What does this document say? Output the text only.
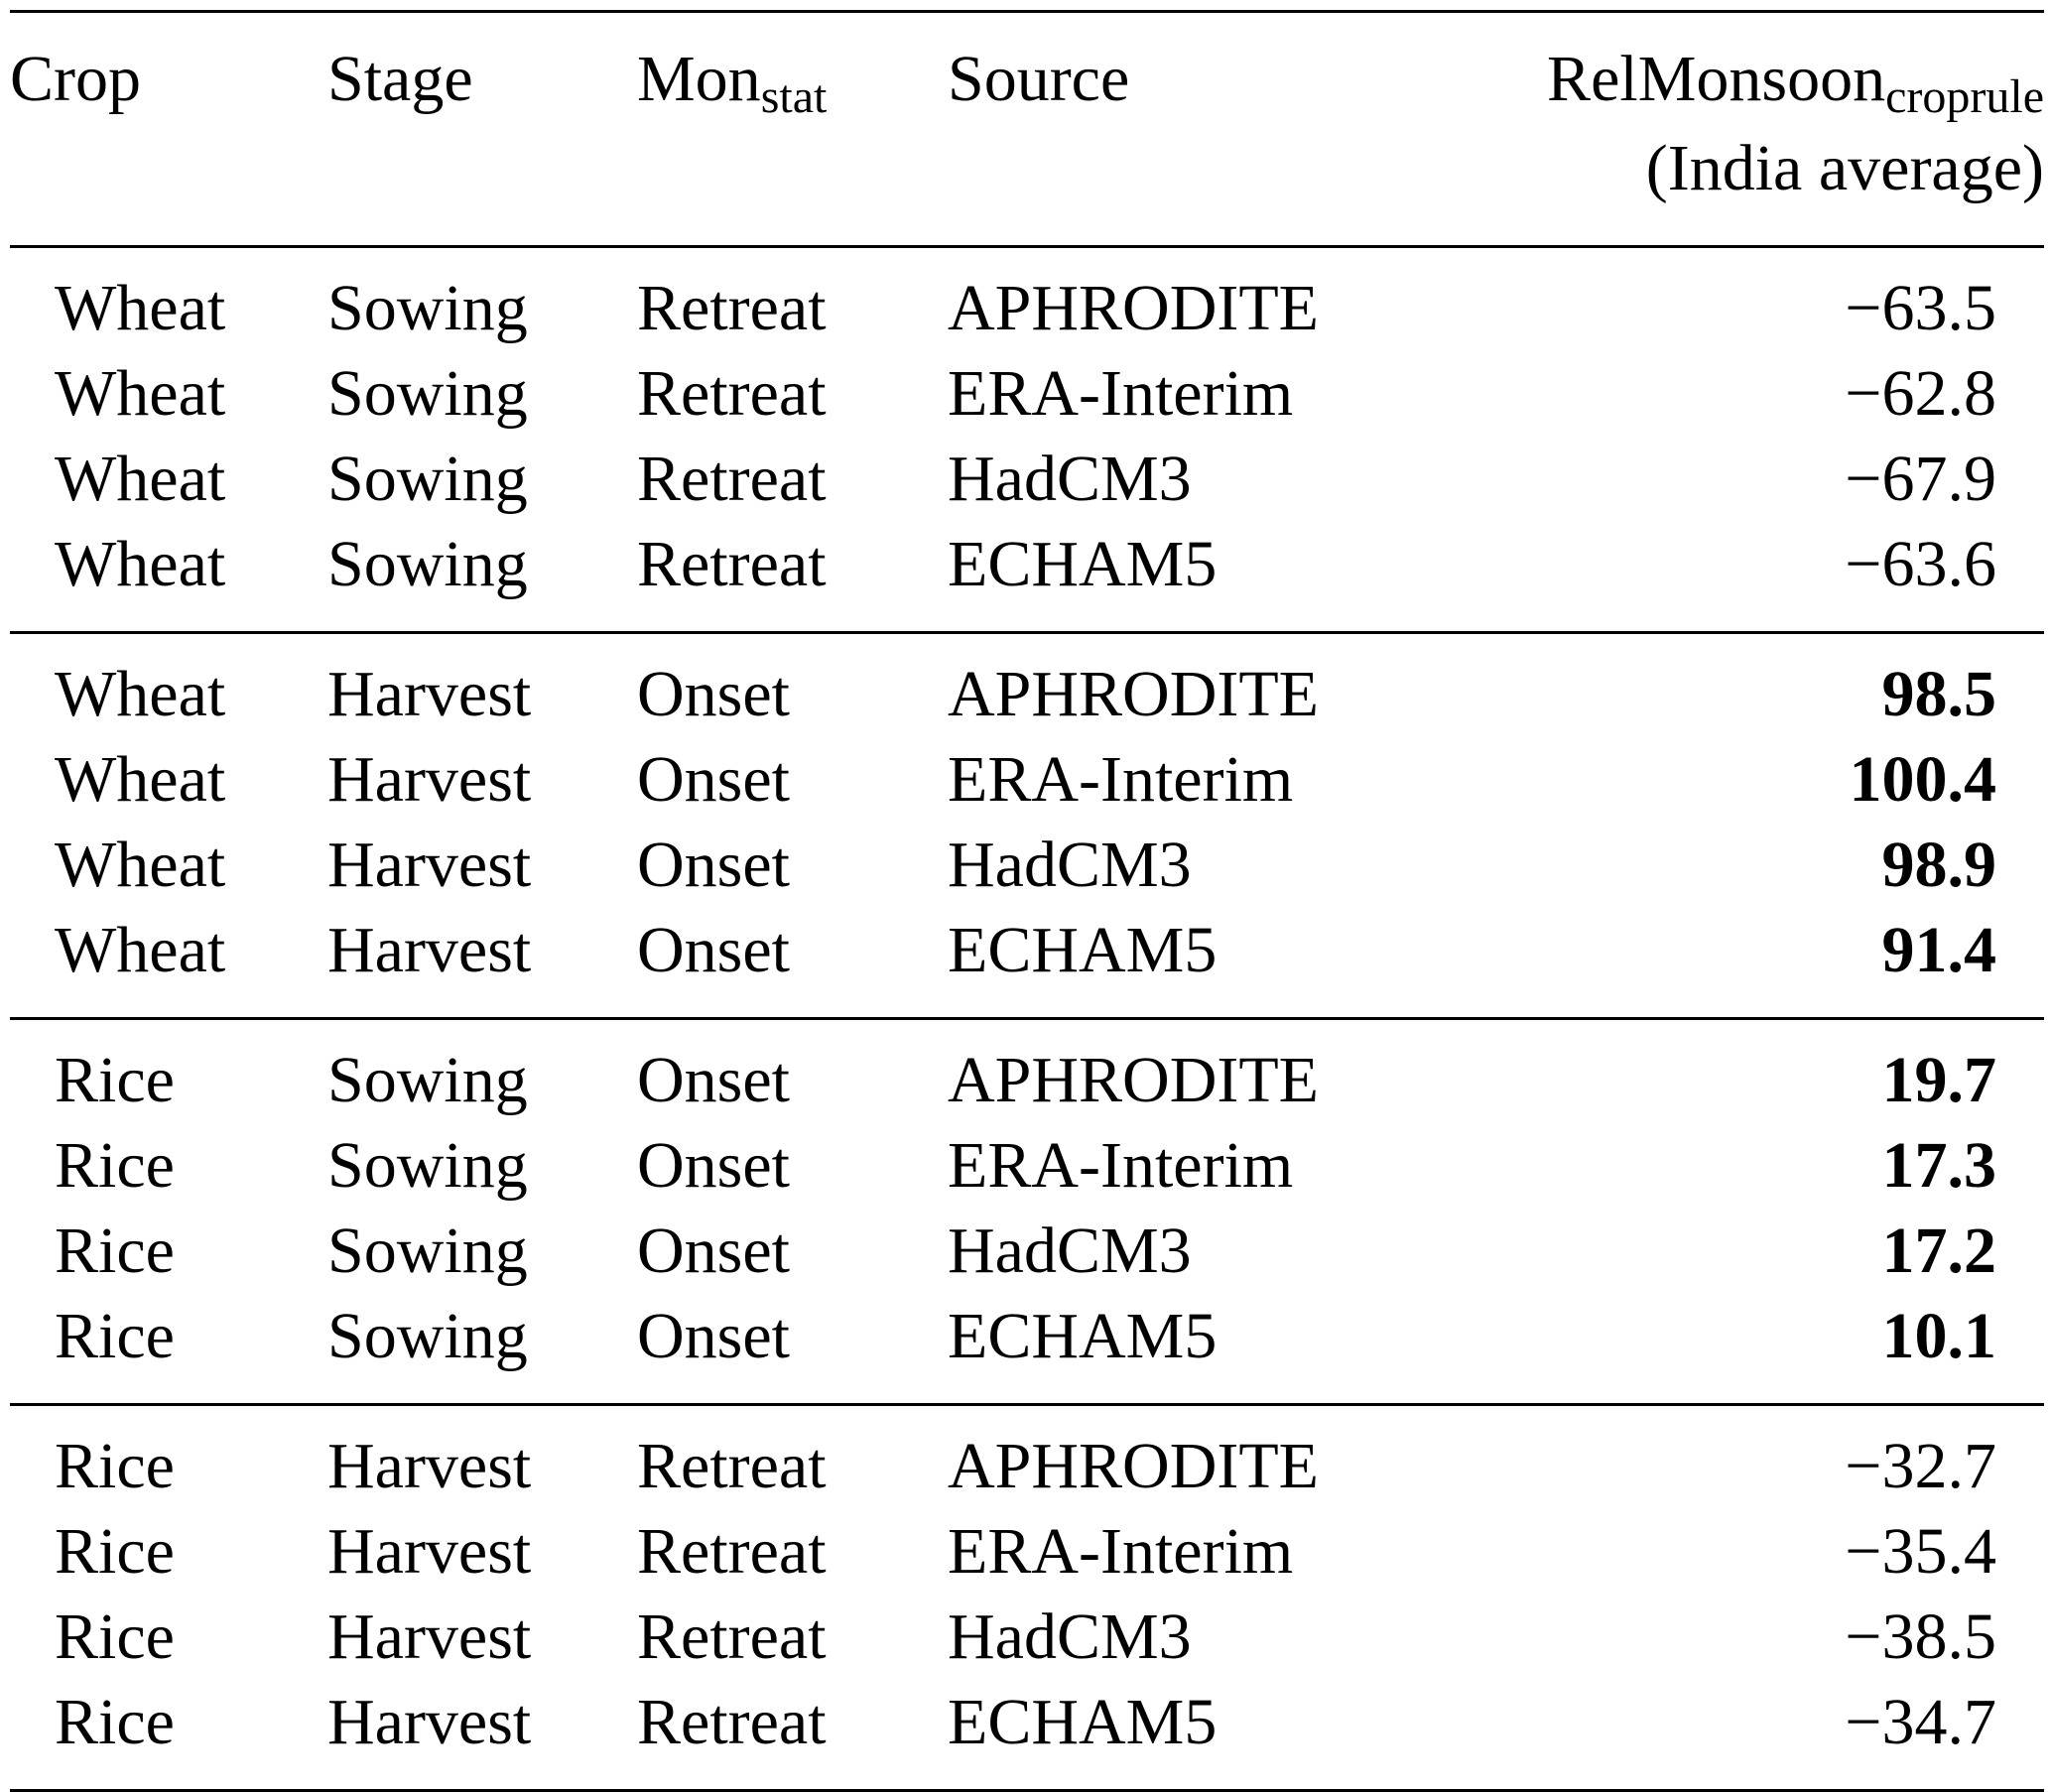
Crop	Stage	Mon$_{stat}$	Source	RelMonsoon$_{croprule}$
(India average)

Wheat	Sowing	Retreat	APHRODITE	−63.5
Wheat	Sowing	Retreat	ERA-Interim	−62.8
Wheat	Sowing	Retreat	HadCM3	−67.9
Wheat	Sowing	Retreat	ECHAM5	−63.6
Wheat	Harvest	Onset	APHRODITE	98.5
Wheat	Harvest	Onset	ERA-Interim	100.4
Wheat	Harvest	Onset	HadCM3	98.9
Wheat	Harvest	Onset	ECHAM5	91.4
Rice	Sowing	Onset	APHRODITE	19.7
Rice	Sowing	Onset	ERA-Interim	17.3
Rice	Sowing	Onset	HadCM3	17.2
Rice	Sowing	Onset	ECHAM5	10.1
Rice	Harvest	Retreat	APHRODITE	−32.7
Rice	Harvest	Retreat	ERA-Interim	−35.4
Rice	Harvest	Retreat	HadCM3	−38.5
Rice	Harvest	Retreat	ECHAM5	−34.7
